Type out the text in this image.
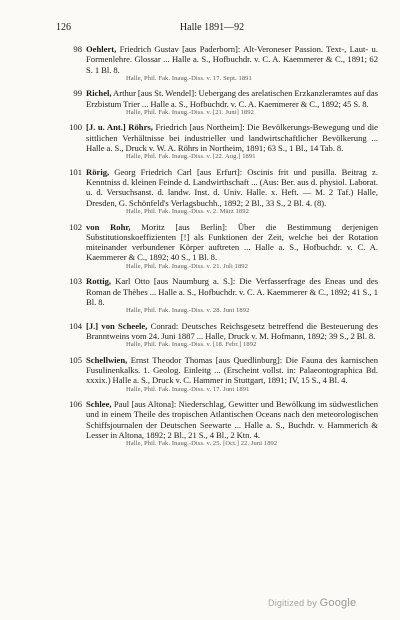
126	Halle 1891—92
98 Oehlert, Friedrich Gustav [aus Paderborn]: Alt-Veroneser Passion. Text-, Laut- u. Formenlehre. Glossar ... Halle a. S., Hofbuchdr. v. C. A. Kaemmerer & C., 1891; 62 S. 1 Bl. 8.
Halle, Phil. Fak. Inaug.-Diss. v. 17. Sept. 1891
99 Richel, Arthur [aus St. Wendel]: Uebergang des arelatischen Erzkanzleramtes auf das Erzbistum Trier ... Halle a. S., Hofbuchdr. v. C. A. Kaemmerer & C., 1892; 45 S. 8.
Halle, Phil. Fak. Inaug.-Diss. v. [21. Juni] 1892
100 [J. u. Ant.] Röhrs, Friedrich [aus Northeim]: Die Bevölkerungs-Bewegung und die sittlichen Verhältnisse bei industrieller und landwirtschaftlicher Bevölkerung ... Halle a. S., Druck v. W. A. Röhrs in Northeim, 1891; 63 S., 1 Bl., 14 Tab. 8.
Halle, Phil. Fak. Inaug.-Diss. v. [22. Aug.] 1891
101 Rörig, Georg Friedrich Carl [aus Erfurt]: Oscinis frit und pusilla. Beitrag z. Kenntniss d. kleinen Feinde d. Landwirthschaft ... (Aus: Ber. aus d. physiol. Laborat. u. d. Versuchsanst. d. landw. Inst. d. Univ. Halle. x. Heft. — M. 2 Taf.) Halle, Dresden, G. Schönfeld's Verlagsbuchh., 1892; 2 Bl., 33 S., 2 Bl. 4. (8).
Halle, Phil. Fak. Inaug.-Diss. v. 2. März 1892
102 von Rohr, Moritz [aus Berlin]: Über die Bestimmung derjenigen Substitutionskoeffizienten [!] als Funktionen der Zeit, welche bei der Rotation miteinander verbundener Körper auftreten ... Halle a. S., Hofbuchdr. v. C. A. Kaemmerer & C., 1892; 40 S., 1 Bl. 8.
Halle, Phil. Fak. Inaug.-Diss. v. 21. Juli 1892
103 Rottig, Karl Otto [aus Naumburg a. S.]: Die Verfasserfrage des Eneas und des Roman de Thèbes ... Halle a. S., Hofbuchdr. v. C. A. Kaemmerer & C., 1892; 41 S., 1 Bl. 8.
Halle, Phil. Fak. Inaug.-Diss. v. 28. Juni 1892
104 [J.] von Scheele, Conrad: Deutsches Reichsgesetz betreffend die Besteuerung des Branntweins vom 24. Juni 1887 ... Halle, Druck v. M. Hofmann, 1892; 39 S., 2 Bl. 8.
Halle, Phil. Fak. Inaug.-Diss. v. [18. Febr.] 1892
105 Schellwien, Ernst Theodor Thomas [aus Quedlinburg]: Die Fauna des karnischen Fusulinenkalks. 1. Geolog. Einleitg ... (Erscheint vollst. in: Palaeontographica Bd. xxxix.) Halle a. S., Druck v. C. Hammer in Stuttgart, 1891; IV, 15 S., 4 Bl. 4.
Halle, Phil. Fak. Inaug.-Diss. v. 17. Juni 1891
106 Schlee, Paul [aus Altona]: Niederschlag, Gewitter und Bewölkung im südwestlichen und in einem Theile des tropischen Atlantischen Oceans nach den meteorologischen Schiffsjournalen der Deutschen Seewarte ... Halle a. S., Buchdr. v. Hammerich & Lesser in Altona, 1892; 2 Bl., 21 S., 4 Bl., 2 Ktn. 4.
Halle, Phil. Fak. Inaug.-Diss. v. 25. [Oct.] 22. Juni 1892
Digitized by Google
